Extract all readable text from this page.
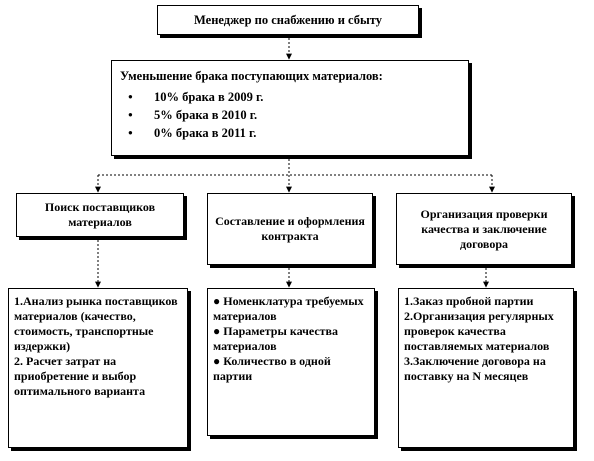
Менеджер по снабжению и сбыту
Уменьшение брака поступающих материалов:
● 10% брака в 2009 г.
● 5% брака в 2010 г.
● 0% брака в 2011 г.
Поиск поставщиков материалов	Составление и оформления контракта
Организация проверки качества и заключение договора

1.Анализ рынка поставщиков материалов (качество, стоимость, транспортные издержки)

2. Расчет затрат на приобретение и выбор оптимального варианта

● Номенклатура требуемых материалов

● Параметры качества материалов

● Количество в одной партии

1.Заказ пробной партии

2.Организация регулярных проверок качества поставляемых материалов

3.Заключение договора на поставку на N месяцев
